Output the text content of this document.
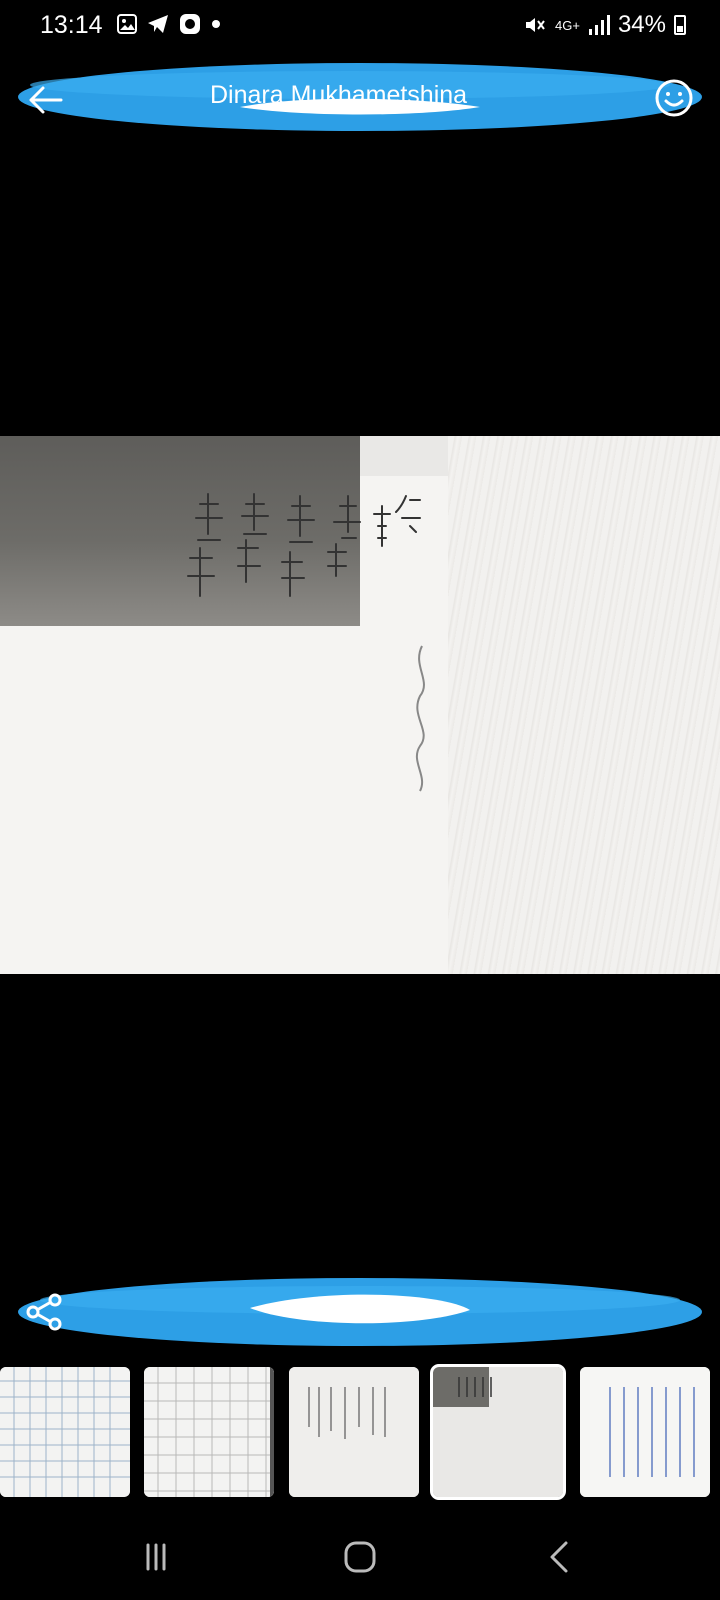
13:14	4G+ 34%
Dinara Mukhametshina
